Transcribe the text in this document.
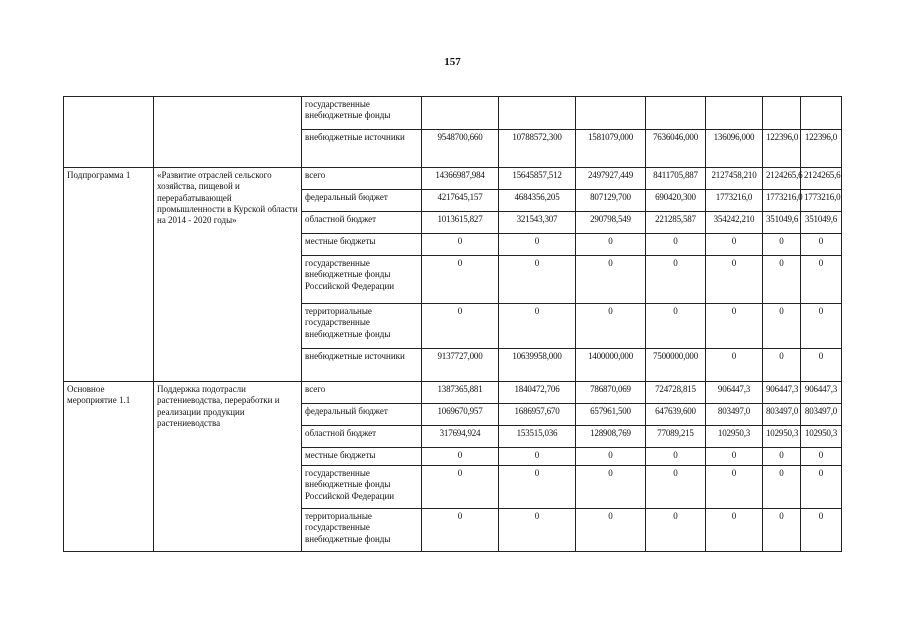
157
		государственные внебюджетные фонды							
		внебюджетные источники	9548700,660	10788572,300	1581079,000	7636046,000	136096,000	122396,0	122396,0
Подпрограмма 1	«Развитие отраслей сельского хозяйства, пищевой и перерабатывающей промышленности в Курской области на 2014 - 2020 годы»	всего	14366987,984	15645857,512	2497927,449	8411705,887	2127458,210	2124265,6	2124265,6
		федеральный бюджет	4217645,157	4684356,205	807129,700	690420,300	1773216,0	1773216,0	1773216,0
		областной бюджет	1013615,827	321543,307	290798,549	221285,587	354242,210	351049,6	351049,6
		местные бюджеты	0	0	0	0	0	0	0
		государственные внебюджетные фонды Российской Федерации	0	0	0	0	0	0	0
		территориальные государственные внебюджетные фонды	0	0	0	0	0	0	0
		внебюджетные источники	9137727,000	10639958,000	1400000,000	7500000,000	0	0	0
Основное мероприятие 1.1	Поддержка подотрасли растениеводства, переработки и реализации продукции растениеводства	всего	1387365,881	1840472,706	786870,069	724728,815	906447,3	906447,3	906447,3
		федеральный бюджет	1069670,957	1686957,670	657961,500	647639,600	803497,0	803497,0	803497,0
		областной бюджет	317694,924	153515,036	128908,769	77089,215	102950,3	102950,3	102950,3
		местные бюджеты	0	0	0	0	0	0	0
		государственные внебюджетные фонды Российской Федерации	0	0	0	0	0	0	0
		территориальные государственные внебюджетные фонды	0	0	0	0	0	0	0
